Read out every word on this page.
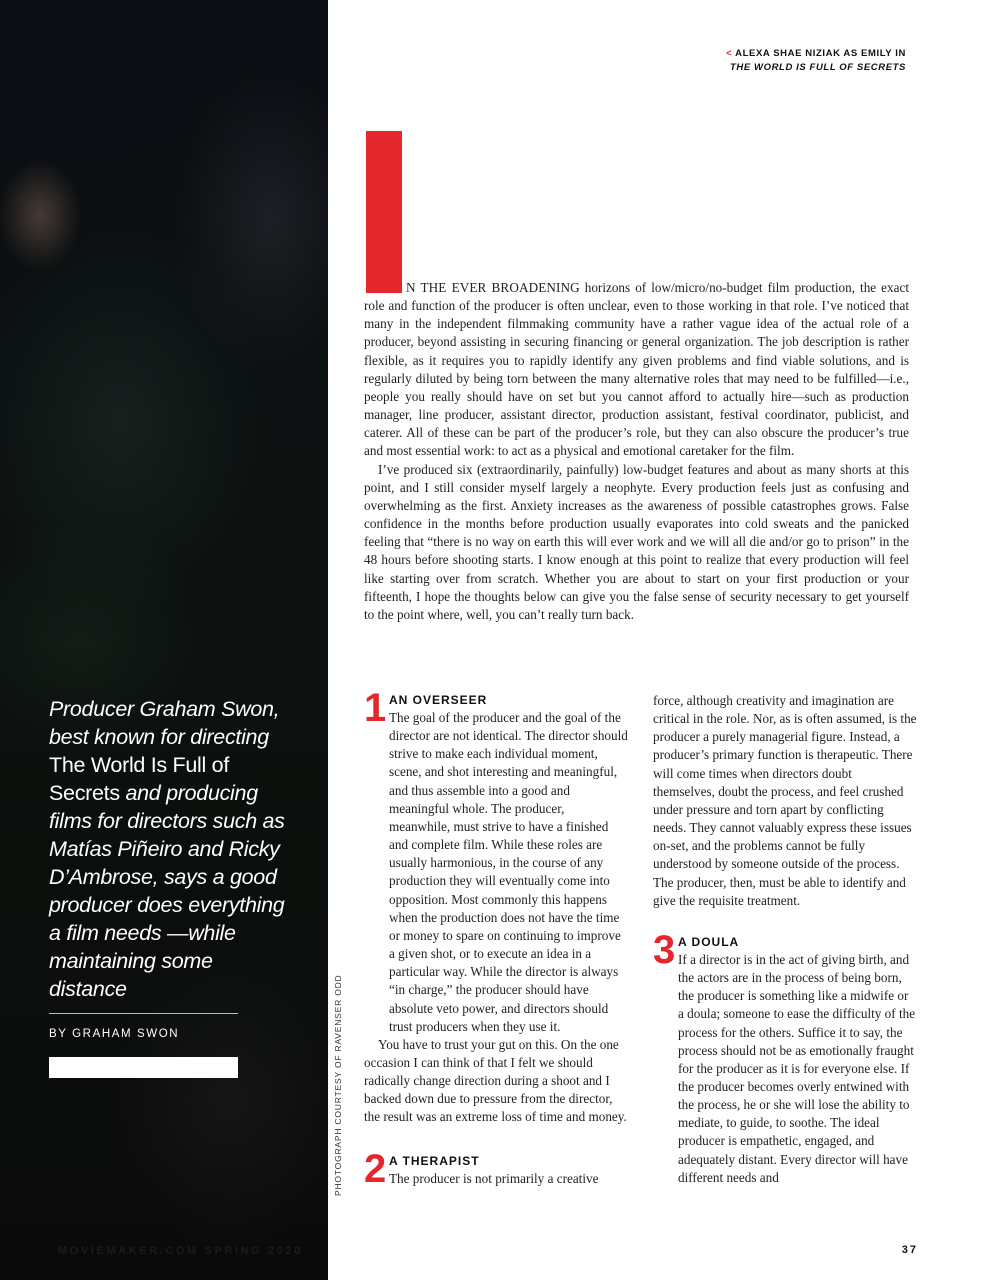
Producer Graham Swon, best known for directing The World Is Full of Secrets and producing films for directors such as Matías Piñeiro and Ricky D’Ambrose, says a good producer does everything a film needs —while maintaining some distance
BY GRAHAM SWON
MOVIEMAKER.COM SPRING 2020
PHOTOGRAPH COURTESY OF RAVENSER ODD
< ALEXA SHAE NIZIAK AS EMILY IN
THE WORLD IS FULL OF SECRETS

N THE EVER BROADENING horizons of low/micro/no-budget film production, the exact role and function of the producer is often unclear, even to those working in that role. I’ve noticed that many in the independent filmmaking community have a rather vague idea of the actual role of a producer, beyond assisting in securing financing or general organization. The job description is rather flexible, as it requires you to rapidly identify any given problems and find viable solutions, and is regularly diluted by being torn between the many alternative roles that may need to be fulfilled—i.e., people you really should have on set but you cannot afford to actually hire—such as production manager, line producer, assistant director, production assistant, festival coordinator, publicist, and caterer. All of these can be part of the producer’s role, but they can also obscure the producer’s true and most essential work: to act as a physical and emotional caretaker for the film.

I’ve produced six (extraordinarily, painfully) low-budget features and about as many shorts at this point, and I still consider myself largely a neophyte. Every production feels just as confusing and overwhelming as the first. Anxiety increases as the awareness of possible catastrophes grows. False confidence in the months before production usually evaporates into cold sweats and the panicked feeling that “there is no way on earth this will ever work and we will all die and/or go to prison” in the 48 hours before shooting starts. I know enough at this point to realize that every production will feel like starting over from scratch. Whether you are about to start on your first production or your fifteenth, I hope the thoughts below can give you the false sense of security necessary to get yourself to the point where, well, you can’t really turn back.

1 AN OVERSEER

The goal of the producer and the goal of the director are not identical. The director should strive to make each individual moment, scene, and shot interesting and meaningful, and thus assemble into a good and meaningful whole. The producer, meanwhile, must strive to have a finished and complete film. While these roles are usually harmonious, in the course of any production they will eventually come into opposition. Most commonly this happens when the production does not have the time or money to spare on continuing to improve a given shot, or to execute an idea in a particular way. While the director is always “in charge,” the producer should have absolute veto power, and directors should trust producers when they use it.

You have to trust your gut on this. On the one occasion I can think of that I felt we should radically change direction during a shoot and I backed down due to pressure from the director, the result was an extreme loss of time and money.

2 A THERAPIST

The producer is not primarily a creative

force, although creativity and imagination are critical in the role. Nor, as is often assumed, is the producer a purely managerial figure. Instead, a producer’s primary function is therapeutic. There will come times when directors doubt themselves, doubt the process, and feel crushed under pressure and torn apart by conflicting needs. They cannot valuably express these issues on-set, and the problems cannot be fully understood by someone outside of the process. The producer, then, must be able to identify and give the requisite treatment.

3 A DOULA

If a director is in the act of giving birth, and the actors are in the process of being born, the producer is something like a midwife or a doula; someone to ease the difficulty of the process for the others. Suffice it to say, the process should not be as emotionally fraught for the producer as it is for everyone else. If the producer becomes overly entwined with the process, he or she will lose the ability to mediate, to guide, to soothe. The ideal producer is empathetic, engaged, and adequately distant. Every director will have different needs and

37
